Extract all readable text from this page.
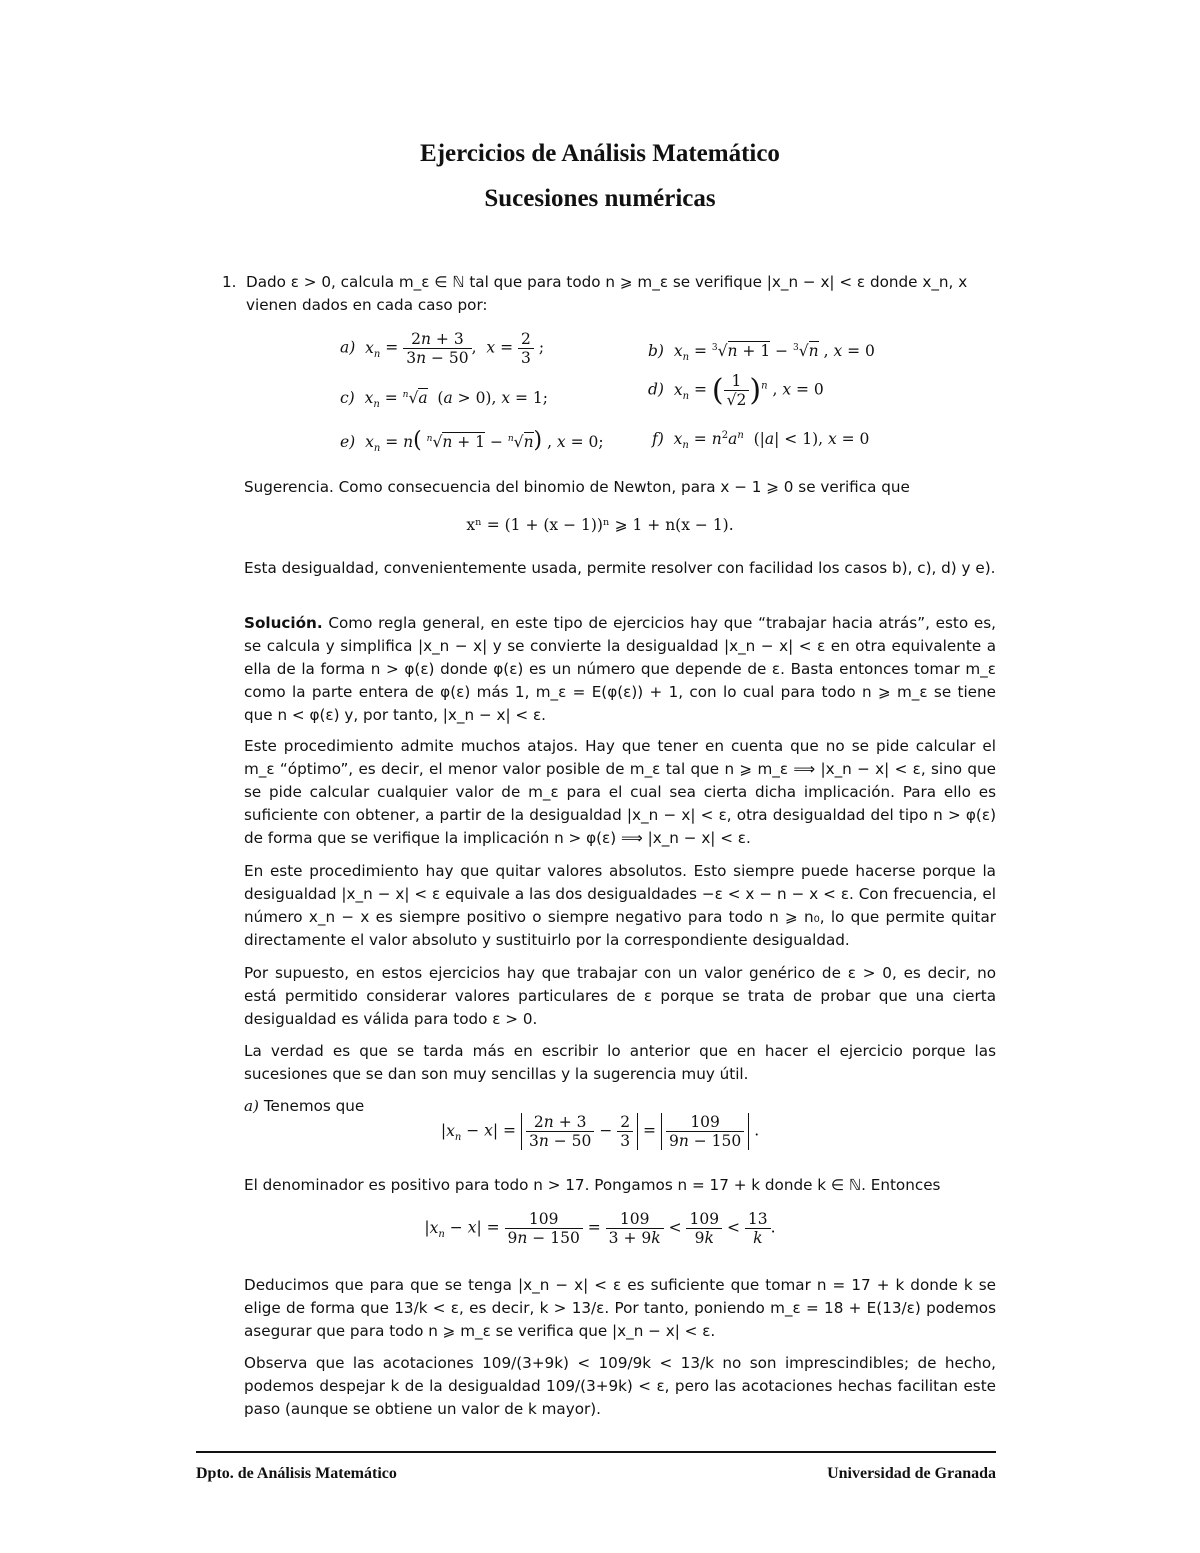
Ejercicios de Análisis Matemático
Sucesiones numéricas
1. Dado ε > 0, calcula m_ε ∈ ℕ tal que para todo n ⩾ m_ε se verifique |x_n − x| < ε donde x_n, x
vienen dados en cada caso por:
a) $x_n = \frac{2n + 3}{3n - 50}$ ,  $x = \frac{2}{3}$ ;	b) $x_n = ^3√n + 1 - ^3√n$ , x = 0
c) $x_n = ^n√a$  (a > 0), x = 1;	d) $x_n$ = ( $\frac{1}{√2} )^n$ , x = 0
e) $x_n = n$( $^n$√n + 1 − $^n$√n) , x = 0;	f) $x_n = n^2a^n$  (|a| < 1), x = 0
Sugerencia. Como consecuencia del binomio de Newton, para x − 1 ⩾ 0 se verifica que
xⁿ = (1 + (x − 1))ⁿ ⩾ 1 + n(x − 1).
Esta desigualdad, convenientemente usada, permite resolver con facilidad los casos b), c), d) y e).
Solución. Como regla general, en este tipo de ejercicios hay que “trabajar hacia atrás”, esto es, se calcula y simplifica |x_n − x| y se convierte la desigualdad |x_n − x| < ε en otra equivalente a ella de la forma n > φ(ε) donde φ(ε) es un número que depende de ε. Basta entonces tomar m_ε como la parte entera de φ(ε) más 1, m_ε = E(φ(ε)) + 1, con lo cual para todo n ⩾ m_ε se tiene que n < φ(ε) y, por tanto, |x_n − x| < ε.
Este procedimiento admite muchos atajos. Hay que tener en cuenta que no se pide calcular el m_ε “óptimo”, es decir, el menor valor posible de m_ε tal que n ⩾ m_ε ⟹ |x_n − x| < ε, sino que se pide calcular cualquier valor de m_ε para el cual sea cierta dicha implicación. Para ello es suficiente con obtener, a partir de la desigualdad |x_n − x| < ε, otra desigualdad del tipo n > φ(ε) de forma que se verifique la implicación n > φ(ε) ⟹ |x_n − x| < ε.
En este procedimiento hay que quitar valores absolutos. Esto siempre puede hacerse porque la desigualdad |x_n − x| < ε equivale a las dos desigualdades −ε < x − n − x < ε. Con frecuencia, el número x_n − x es siempre positivo o siempre negativo para todo n ⩾ n₀, lo que permite quitar directamente el valor absoluto y sustituirlo por la correspondiente desigualdad.
Por supuesto, en estos ejercicios hay que trabajar con un valor genérico de ε > 0, es decir, no está permitido considerar valores particulares de ε porque se trata de probar que una cierta desigualdad es válida para todo ε > 0.
La verdad es que se tarda más en escribir lo anterior que en hacer el ejercicio porque las sucesiones que se dan son muy sencillas y la sugerencia muy útil.
a) Tenemos que
$|x_n - x| = \frac{2n + 3}{3n - 50} - \frac{2}{3} = \frac{109}{9n - 150}$ .
El denominador es positivo para todo n > 17. Pongamos n = 17 + k donde k ∈ ℕ. Entonces
$|x_n - x| = \frac{109}{9n - 150} = \frac{109}{3 + 9k} < \frac{109}{9k} < \frac{13}{k}$ .
Deducimos que para que se tenga |x_n − x| < ε es suficiente que tomar n = 17 + k donde k se elige de forma que 13/k < ε, es decir, k > 13/ε. Por tanto, poniendo m_ε = 18 + E(13/ε) podemos asegurar que para todo n ⩾ m_ε se verifica que |x_n − x| < ε.
Observa que las acotaciones 109/(3+9k) < 109/9k < 13/k no son imprescindibles; de hecho, podemos despejar k de la desigualdad 109/(3+9k) < ε, pero las acotaciones hechas facilitan este paso (aunque se obtiene un valor de k mayor).
Dpto. de Análisis Matemático	Universidad de Granada
